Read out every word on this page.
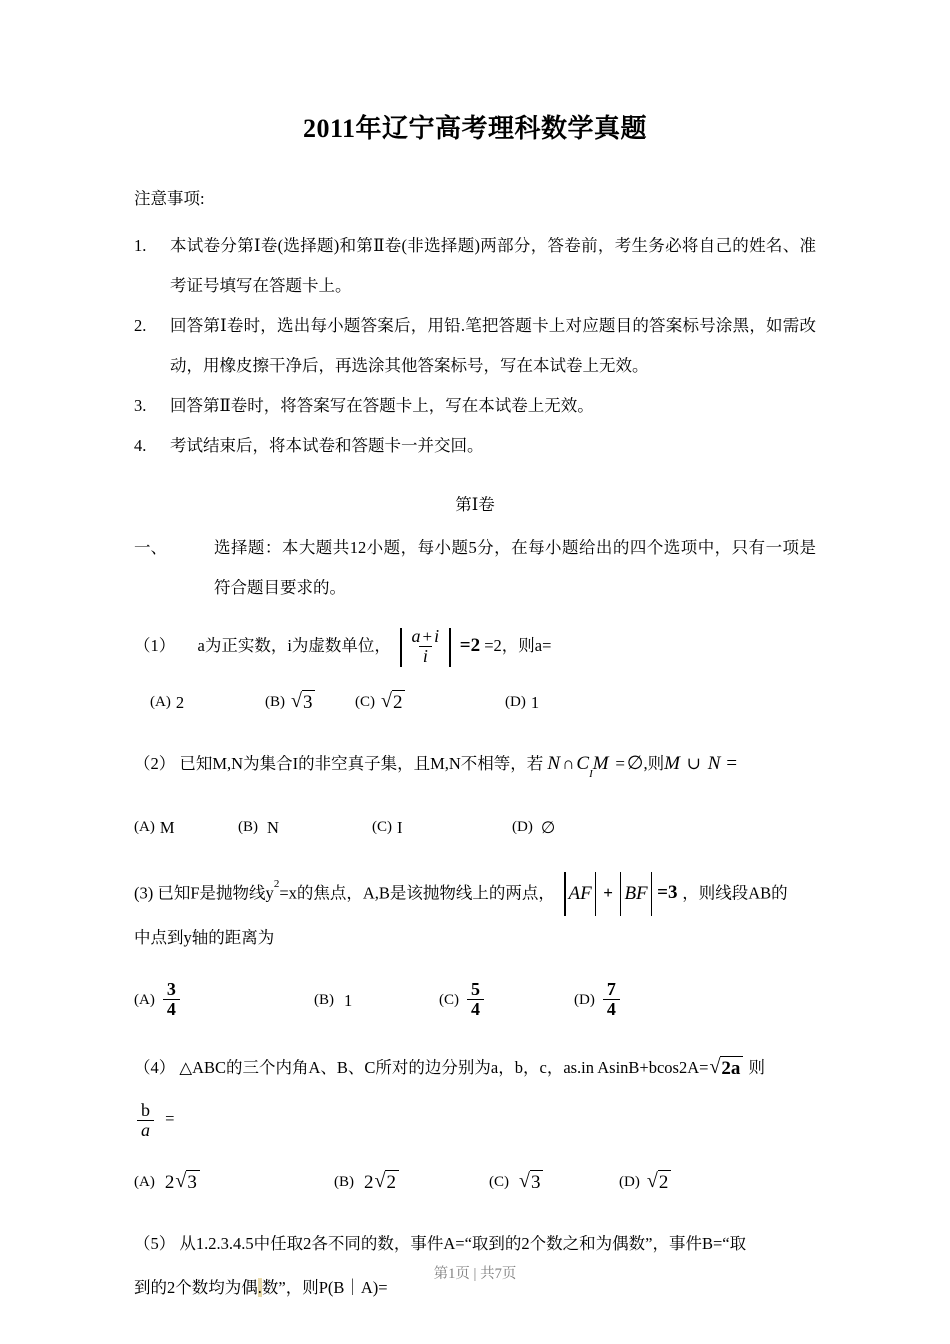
2011年辽宁高考理科数学真题
注意事项:
1.	本试卷分第Ⅰ卷(选择题)和第Ⅱ卷(非选择题)两部分，答卷前，考生务必将自己的姓名、准考证号填写在答题卡上。
2.	回答第Ⅰ卷时，选出每小题答案后，用铅.笔把答题卡上对应题目的答案标号涂黑，如需改动，用橡皮擦干净后，再选涂其他答案标号，写在本试卷上无效。
3.	回答第Ⅱ卷时，将答案写在答题卡上，写在本试卷上无效。
4.	考试结束后，将本试卷和答题卡一并交回。
第Ⅰ卷
一、	选择题：本大题共12小题，每小题5分，在每小题给出的四个选项中，只有一项是符合题目要求的。
（1） a为正实数，i为虚数单位， $\frac{a + i}{i} =2 =2$，则a=
(A) 2	(B) √ 3	(C) √ 2	(D) 1
（2） 已知M,N为集合I的非空真子集，且M,N不相等，若 N ∩ $C_IM$ = ∅,则M ∪ N =
(A) M	(B) N	(C) I	(D) ∅
(3) 已知F是抛物线$y^2=x$的焦点，A,B是该抛物线上的两点， AF + BF =3 ，则线段AB的
中点到y轴的距离为
$(A) \frac{3}{4}$	(B) 1	$(C) \frac{5}{4}$	$(D) \frac{7}{4}$
（4） △ABC的三个内角A、B、C所对的边分别为a，b，c，as.in AsinB+bcos2A= √ 2a 则
$\frac{b}{a}$ =
(A) 2 √ 3	(B) 2 √ 2	(C) √ 3	(D) √ 2
（5） 从1.2.3.4.5中任取2各不同的数，事件A=“取到的2个数之和为偶数”，事件B=“取
到的2个数均为偶.数”，则P(B｜A)=
第1页 | 共7页
